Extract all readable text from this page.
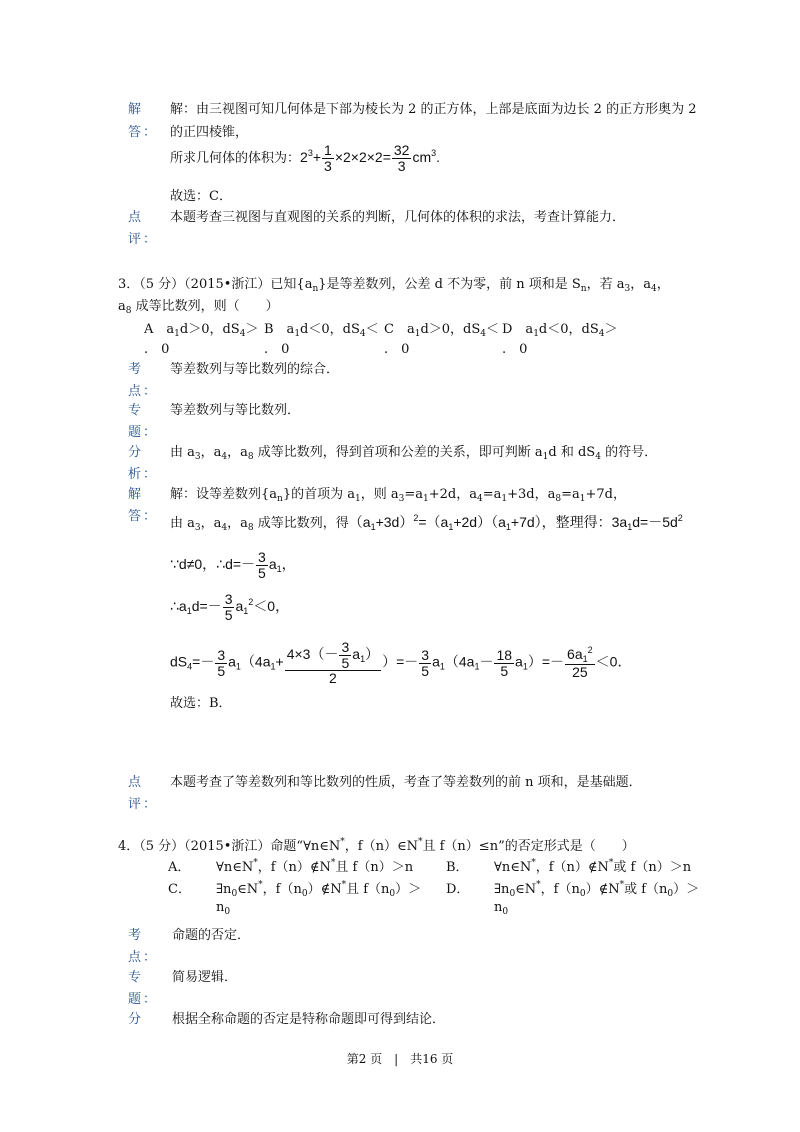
解
答：
解：由三视图可知几何体是下部为棱长为 2 的正方体，上部是底面为边长 2 的正方形奥为 2
的正四棱锥，
所求几何体的体积为：$2^3+ \frac{1}{3} \times 2\times 2\times 2= \frac{32}{3} cm^3$.
故选：C．
点
评：
本题考查三视图与直观图的关系的判断，几何体的体积的求法，考查计算能力．
3．（5 分）（2015•浙江）已知$\{a_n\}$是等差数列，公差 d 不为零，前 n 项和是 $S_n$，若 $a_3$，$a_4$，
$a_8$ 成等比数列，则（　　）
A　$a_1d>0$，$dS_4>$
.　0
B　$a_1d<0$，$dS_4<$
.　0
C　$a_1d>0$，$dS_4<$
.　0
D　$a_1d<0$，$dS_4>$
.　0
考
点：
等差数列与等比数列的综合．
专
题：
等差数列与等比数列．
分
析：
由 $a_3$，$a_4$，$a_8$ 成等比数列，得到首项和公差的关系，即可判断 $a_1d$ 和 $dS_4$ 的符号．
解
答：
解：设等差数列$\{a_n\}$的首项为 $a_1$，则 $a_3=a_1+2d$，$a_4=a_1+3d$，$a_8=a_1+7d$，
由 $a_3$，$a_4$，$a_8$ 成等比数列，得$(a_1+3d)^2=(a_1+2d)(a_1+7d)$，整理得：$3a_1d=-5d^2$
∵d≠0，∴d=－ $\frac{3}{5} a_1$，
$\therefore a_1d=- \frac{3}{5} a_1^2<0$，
$dS_4=- \frac{3}{5} a_1(4a_1+ \frac{4\times 3(- \frac{3}{5} a_1)}{2}$ ）=－ $\frac{3}{5} a_1(4a_1- \frac{18}{5} a_1)=- \frac{6a_1^2}{25} <0$．
故选：B．
点
评：
本题考查了等差数列和等比数列的性质，考查了等差数列的前 n 项和，是基础题．
4．（5 分）（2015•浙江）命题“∀n∈N*，f（n）∈N*且 f（n）≤n”的否定形式是（　　）
A． ∀n∈N*，f（n）∉N*且 f（n）＞n	B． ∀n∈N*，f（n）∉N*或 f（n）＞n
C． $\exists n_0\in N^*$，$f(n_0)\notin N^*$且 $f(n_0)>$
$n_0$
D． $\exists n_0\in N^*$，$f(n_0)\notin N^*$或 $f(n_0)>$
$n_0$
考
点：
命题的否定．
专
题：
简易逻辑．
分 根据全称命题的否定是特称命题即可得到结论．
第2 页　|　共16 页
